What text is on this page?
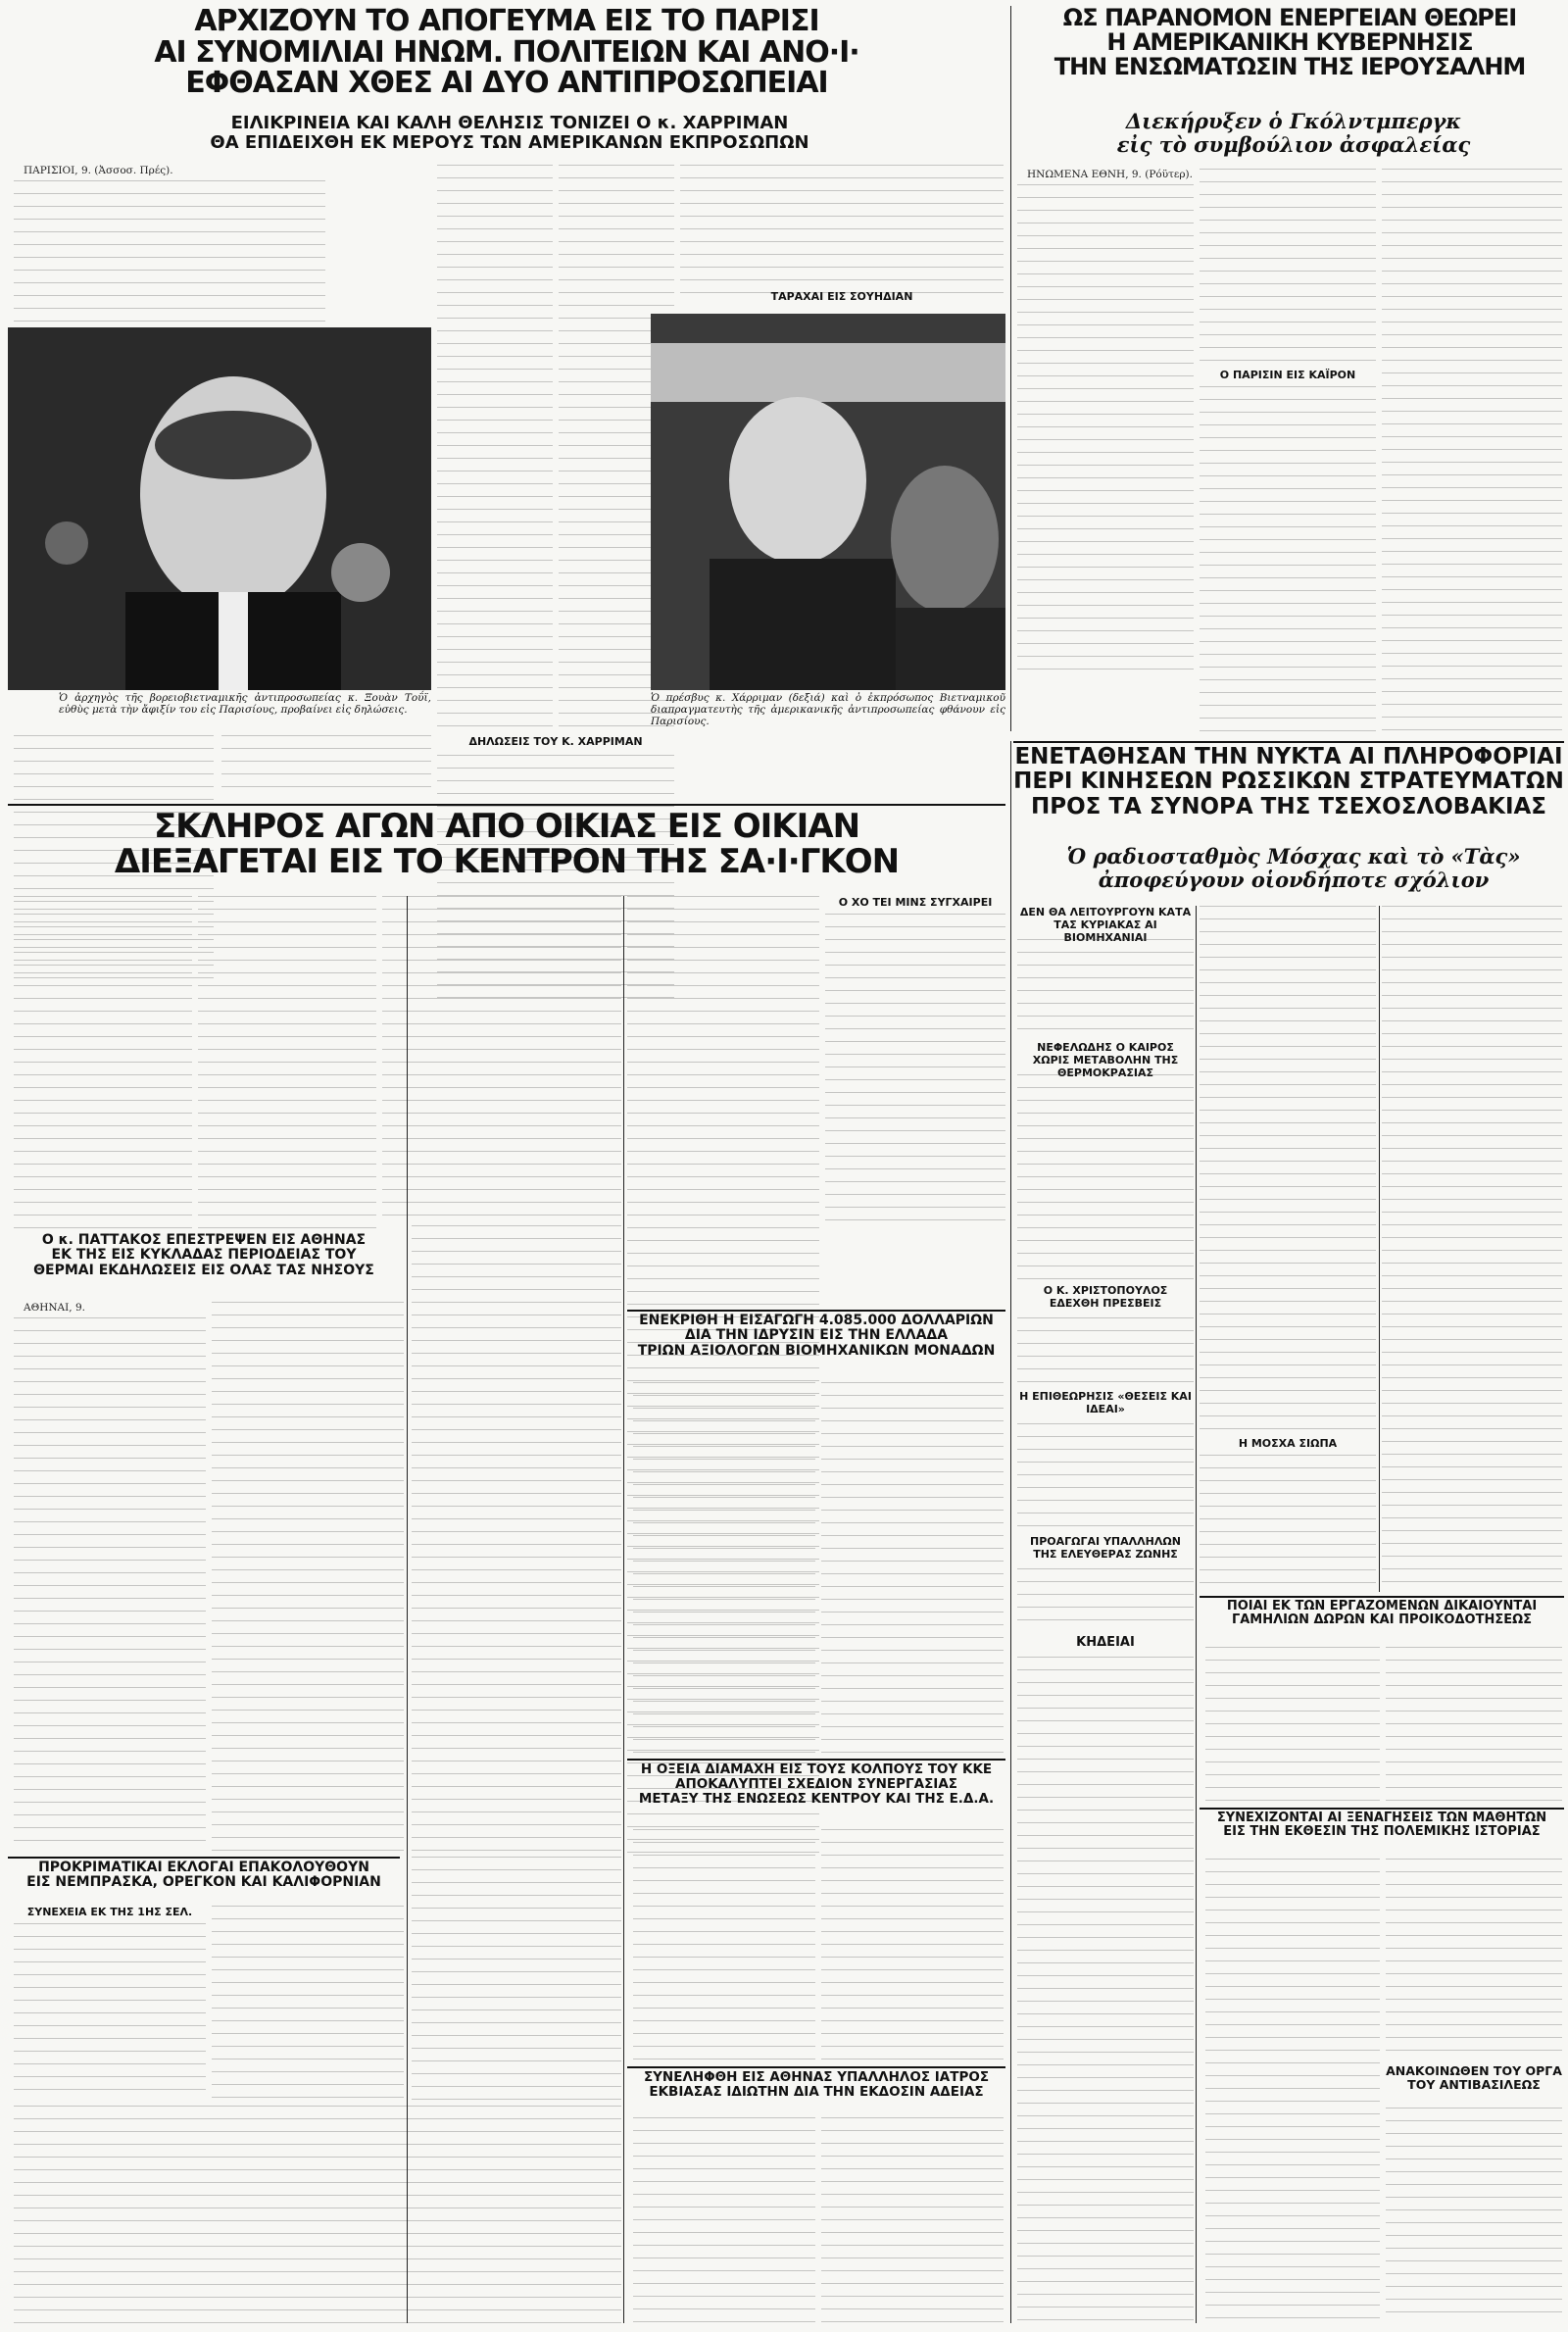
ΑΡΧΙΖΟΥΝ ΤΟ ΑΠΟΓΕΥΜΑ ΕΙΣ ΤΟ ΠΑΡΙΣΙ
ΑΙ ΣΥΝΟΜΙΛΙΑΙ ΗΝΩΜ. ΠΟΛΙΤΕΙΩΝ ΚΑΙ ΑΝΟ·Ι·
ΕΦΘΑΣΑΝ ΧΘΕΣ ΑΙ ΔΥΟ ΑΝΤΙΠΡΟΣΩΠΕΙΑΙ
ΕΙΛΙΚΡΙΝΕΙΑ ΚΑΙ ΚΑΛΗ ΘΕΛΗΣΙΣ ΤΟΝΙΖΕΙ Ο κ. ΧΑΡΡΙΜΑΝ
ΘΑ ΕΠΙΔΕΙΧΘΗ ΕΚ ΜΕΡΟΥΣ ΤΩΝ ΑΜΕΡΙΚΑΝΩΝ ΕΚΠΡΟΣΩΠΩΝ
ΩΣ ΠΑΡΑΝΟΜΟΝ ΕΝΕΡΓΕΙΑΝ ΘΕΩΡΕΙ
Η ΑΜΕΡΙΚΑΝΙΚΗ ΚΥΒΕΡΝΗΣΙΣ
ΤΗΝ ΕΝΣΩΜΑΤΩΣΙΝ ΤΗΣ ΙΕΡΟΥΣΑΛΗΜ
Διεκήρυξεν ὁ Γκόλντμπεργκ
εἰς τὸ συμβούλιον ἀσφαλείας

ΠΑΡΙΣΙΟΙ, 9. (Ἀσσοσ. Πρές).

Ὁ ἀρχηγὸς τῆς βορειοβιετναμικῆς ἀντιπροσωπείας κ. Ξουὰν Τοΰϊ, εὐθὺς μετὰ τὴν ἄφιξίν του εἰς Παρισίους, προβαίνει εἰς δηλώσεις.
ΔΗΛΩΣΕΙΣ ΤΟΥ Κ. ΧΑΡΡΙΜΑΝ
ΤΑΡΑΧΑΙ ΕΙΣ ΣΟΥΗΔΙΑΝ
Ὁ πρέσβυς κ. Χάρριμαν (δεξιά) καὶ ὁ ἐκπρόσωπος Βιετναμικοῦ διαπραγματευτὴς τῆς ἀμερικανικῆς ἀντιπροσωπείας φθάνουν εἰς Παρισίους.

ΗΝΩΜΕΝΑ ΕΘΝΗ, 9. (Ρόϋτερ).

Ο ΠΑΡΙΣΙΝ ΕΙΣ ΚΑΪΡΟΝ
ΕΝΕΤΑΘΗΣΑΝ ΤΗΝ ΝΥΚΤΑ ΑΙ ΠΛΗΡΟΦΟΡΙΑΙ
ΠΕΡΙ ΚΙΝΗΣΕΩΝ ΡΩΣΣΙΚΩΝ ΣΤΡΑΤΕΥΜΑΤΩΝ
ΠΡΟΣ ΤΑ ΣΥΝΟΡΑ ΤΗΣ ΤΣΕΧΟΣΛΟΒΑΚΙΑΣ
Ὁ ραδιοσταθμὸς Μόσχας καὶ τὸ «Τὰς»
ἀποφεύγουν οἱονδήποτε σχόλιον
ΣΚΛΗΡΟΣ ΑΓΩΝ ΑΠΟ ΟΙΚΙΑΣ ΕΙΣ ΟΙΚΙΑΝ
ΔΙΕΞΑΓΕΤΑΙ ΕΙΣ ΤΟ ΚΕΝΤΡΟΝ ΤΗΣ ΣΑ·Ι·ΓΚΟΝ
Ο κ. ΠΑΤΤΑΚΟΣ ΕΠΕΣΤΡΕΨΕΝ ΕΙΣ ΑΘΗΝΑΣ
ΕΚ ΤΗΣ ΕΙΣ ΚΥΚΛΑΔΑΣ ΠΕΡΙΟΔΕΙΑΣ ΤΟΥ
ΘΕΡΜΑΙ ΕΚΔΗΛΩΣΕΙΣ ΕΙΣ ΟΛΑΣ ΤΑΣ ΝΗΣΟΥΣ

ΑΘΗΝΑΙ, 9.

Ο ΧΟ ΤΕΙ ΜΙΝΣ ΣΥΓΧΑΙΡΕΙ
ΕΝΕΚΡΙΘΗ Η ΕΙΣΑΓΩΓΗ 4.085.000 ΔΟΛΛΑΡΙΩΝ
ΔΙΑ ΤΗΝ ΙΔΡΥΣΙΝ ΕΙΣ ΤΗΝ ΕΛΛΑΔΑ
ΤΡΙΩΝ ΑΞΙΟΛΟΓΩΝ ΒΙΟΜΗΧΑΝΙΚΩΝ ΜΟΝΑΔΩΝ
Η ΟΞΕΙΑ ΔΙΑΜΑΧΗ ΕΙΣ ΤΟΥΣ ΚΟΛΠΟΥΣ ΤΟΥ ΚΚΕ
ΑΠΟΚΑΛΥΠΤΕΙ ΣΧΕΔΙΟΝ ΣΥΝΕΡΓΑΣΙΑΣ
ΜΕΤΑΞΥ ΤΗΣ ΕΝΩΣΕΩΣ ΚΕΝΤΡΟΥ ΚΑΙ ΤΗΣ Ε.Δ.Α.
ΠΡΟΚΡΙΜΑΤΙΚΑΙ ΕΚΛΟΓΑΙ ΕΠΑΚΟΛΟΥΘΟΥΝ
ΕΙΣ ΝΕΜΠΡΑΣΚΑ, ΟΡΕΓΚΟΝ ΚΑΙ ΚΑΛΙΦΟΡΝΙΑΝ
ΣΥΝΕΧΕΙΑ ΕΚ ΤΗΣ 1ΗΣ ΣΕΛ.
ΣΥΝΕΛΗΦΘΗ ΕΙΣ ΑΘΗΝΑΣ ΥΠΑΛΛΗΛΟΣ ΙΑΤΡΟΣ
ΕΚΒΙΑΣΑΣ ΙΔΙΩΤΗΝ ΔΙΑ ΤΗΝ ΕΚΔΟΣΙΝ ΑΔΕΙΑΣ
ΔΕΝ ΘΑ ΛΕΙΤΟΥΡΓΟΥΝ ΚΑΤΑ ΤΑΣ ΚΥΡΙΑΚΑΣ ΑΙ ΒΙΟΜΗΧΑΝΙΑΙ
ΝΕΦΕΛΩΔΗΣ Ο ΚΑΙΡΟΣ ΧΩΡΙΣ ΜΕΤΑΒΟΛΗΝ ΤΗΣ ΘΕΡΜΟΚΡΑΣΙΑΣ
Ο Κ. ΧΡΙΣΤΟΠΟΥΛΟΣ ΕΔΕΧΘΗ ΠΡΕΣΒΕΙΣ
Η ΕΠΙΘΕΩΡΗΣΙΣ «ΘΕΣΕΙΣ ΚΑΙ ΙΔΕΑΙ»
ΠΡΟΑΓΩΓΑΙ ΥΠΑΛΛΗΛΩΝ ΤΗΣ ΕΛΕΥΘΕΡΑΣ ΖΩΝΗΣ
ΚΗΔΕΙΑΙ
Η ΜΟΣΧΑ ΣΙΩΠΑ
ΠΟΙΑΙ ΕΚ ΤΩΝ ΕΡΓΑΖΟΜΕΝΩΝ ΔΙΚΑΙΟΥΝΤΑΙ
ΓΑΜΗΛΙΩΝ ΔΩΡΩΝ ΚΑΙ ΠΡΟΙΚΟΔΟΤΗΣΕΩΣ
ΣΥΝΕΧΙΖΟΝΤΑΙ ΑΙ ΞΕΝΑΓΗΣΕΙΣ ΤΩΝ ΜΑΘΗΤΩΝ
ΕΙΣ ΤΗΝ ΕΚΘΕΣΙΝ ΤΗΣ ΠΟΛΕΜΙΚΗΣ ΙΣΤΟΡΙΑΣ
ΑΝΑΚΟΙΝΩΘΕΝ ΤΟΥ ΟΡΓΑ
ΤΟΥ ΑΝΤΙΒΑΣΙΛΕΩΣ
